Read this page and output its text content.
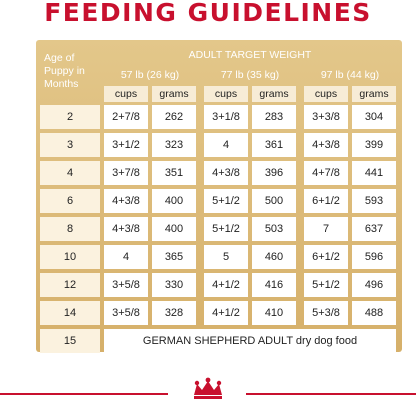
FEEDING GUIDELINES
Age of Puppy in Months
ADULT TARGET WEIGHT
57 lb (26 kg)	77 lb (35 kg)	97 lb (44 kg)
cups	grams	cups	grams	cups	grams
2	2+7/8	262	3+1/8	283	3+3/8	304
3	3+1/2	323	4	361	4+3/8	399
4	3+7/8	351	4+3/8	396	4+7/8	441
6	4+3/8	400	5+1/2	500	6+1/2	593
8	4+3/8	400	5+1/2	503	7	637
10	4	365	5	460	6+1/2	596
12	3+5/8	330	4+1/2	416	5+1/2	496
14	3+5/8	328	4+1/2	410	5+3/8	488
15	GERMAN SHEPHERD ADULT dry dog food
